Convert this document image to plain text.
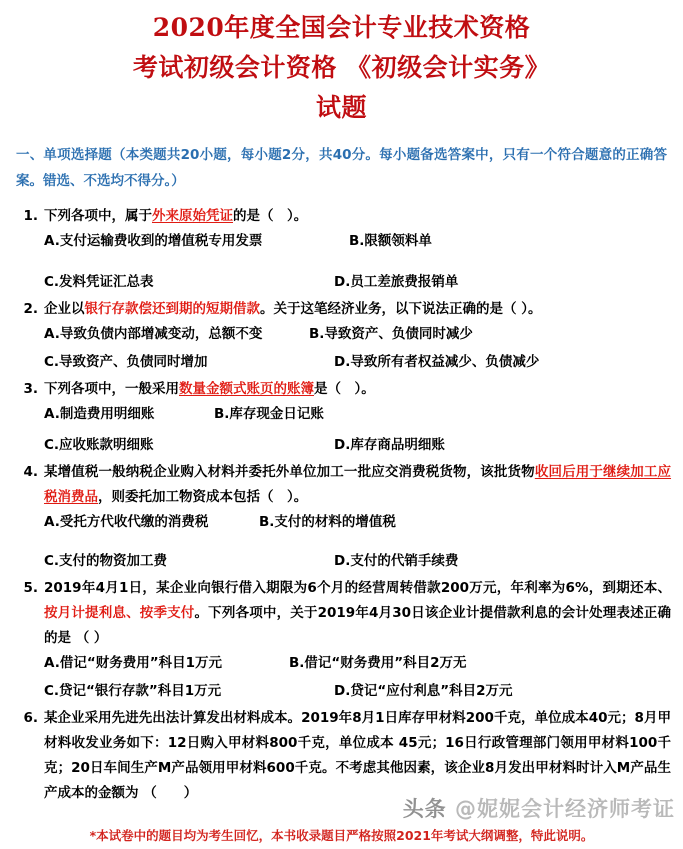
2020年度全国会计专业技术资格
考试初级会计资格 《初级会计实务》
试题
一、单项选择题（本类题共20小题，每小题2分，共40分。每小题备选答案中，只有一个符合题意的正确答案。错选、不选均不得分。）
1. 下列各项中，属于外来原始凭证的是（　）。
A.支付运输费收到的增值税专用发票	B.限额领料单
C.发料凭证汇总表	D.员工差旅费报销单
2. 企业以银行存款偿还到期的短期借款。关于这笔经济业务，以下说法正确的是（ ）。
A.导致负债内部增减变动，总额不变	B.导致资产、负债同时减少
C.导致资产、负债同时增加	D.导致所有者权益减少、负债减少
3. 下列各项中，一般采用数量金额式账页的账簿是（　）。
A.制造费用明细账	B.库存现金日记账
C.应收账款明细账	D.库存商品明细账
4. 某增值税一般纳税企业购入材料并委托外单位加工一批应交消费税货物，该批货物收回后用于继续加工应税消费品，则委托加工物资成本包括（　）。
A.受托方代收代缴的消费税	B.支付的材料的增值税
C.支付的物资加工费	D.支付的代销手续费
5. 2019年4月1日，某企业向银行借入期限为6个月的经营周转借款200万元，年利率为6%，到期还本、按月计提利息、按季支付。下列各项中，关于2019年4月30日该企业计提借款利息的会计处理表述正确的是 （ ）
A.借记“财务费用”科目1万元	B.借记“财务费用”科目2万无
C.贷记“银行存款”科目1万元	D.贷记“应付利息”科目2万元
6. 某企业采用先进先出法计算发出材料成本。2019年8月1日库存甲材料200千克，单位成本40元；8月甲材料收发业务如下：12日购入甲材料800千克，单位成本 45元；16日行政管理部门领用甲材料100千克；20日车间生产M产品领用甲材料600千克。不考虑其他因素，该企业8月发出甲材料时计入M产品生产成本的金额为 （　　）
头条 @妮妮会计经济师考证
*本试卷中的题目均为考生回忆，本书收录题目严格按照2021年考试大纲调整，特此说明。
